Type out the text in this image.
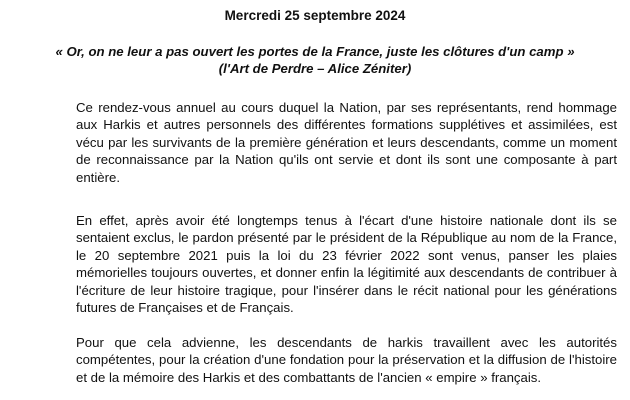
Mercredi 25 septembre 2024
« Or, on ne leur a pas ouvert les portes de la France, juste les clôtures d'un camp »
(l'Art de Perdre – Alice Zéniter)

Ce rendez-vous annuel au cours duquel la Nation, par ses représentants, rend hommage aux Harkis et autres personnels des différentes formations supplétives et assimilées, est vécu par les survivants de la première génération et leurs descendants, comme un moment de reconnaissance par la Nation qu'ils ont servie et dont ils sont une composante à part entière.

En effet, après avoir été longtemps tenus à l'écart d'une histoire nationale dont ils se sentaient exclus, le pardon présenté par le président de la République au nom de la France, le 20 septembre 2021 puis la loi du 23 février 2022 sont venus, panser les plaies mémorielles toujours ouvertes, et donner enfin la légitimité aux descendants de contribuer à l'écriture de leur histoire tragique, pour l'insérer dans le récit national pour les générations futures de Françaises et de Français.

Pour que cela advienne, les descendants de harkis travaillent avec les autorités compétentes, pour la création d'une fondation pour la préservation et la diffusion de l'histoire et de la mémoire des Harkis et des combattants de l'ancien « empire » français.
